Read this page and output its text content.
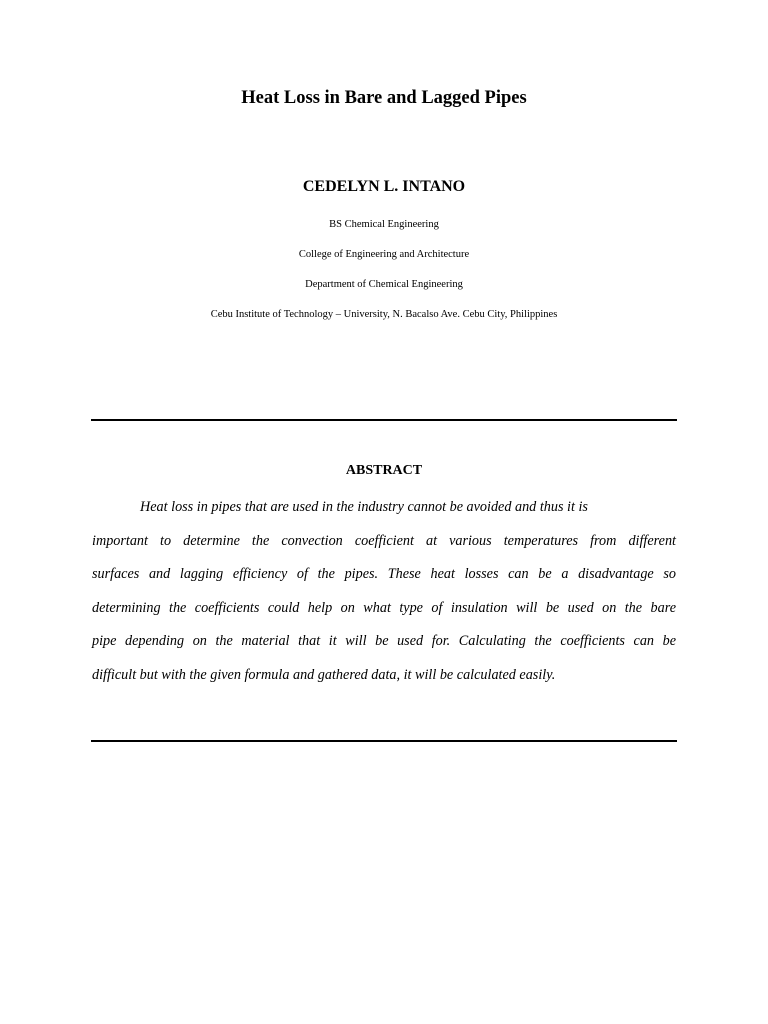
Heat Loss in Bare and Lagged Pipes
CEDELYN L. INTANO
BS Chemical Engineering
College of Engineering and Architecture
Department of Chemical Engineering
Cebu Institute of Technology – University, N. Bacalso Ave. Cebu City, Philippines
ABSTRACT
Heat loss in pipes that are used in the industry cannot be avoided and thus it is
important to determine the convection coefficient at various temperatures from different
surfaces and lagging efficiency of the pipes. These heat losses can be a disadvantage so
determining the coefficients could help on what type of insulation will be used on the bare
pipe depending on the material that it will be used for. Calculating the coefficients can be
difficult but with the given formula and gathered data, it will be calculated easily.
